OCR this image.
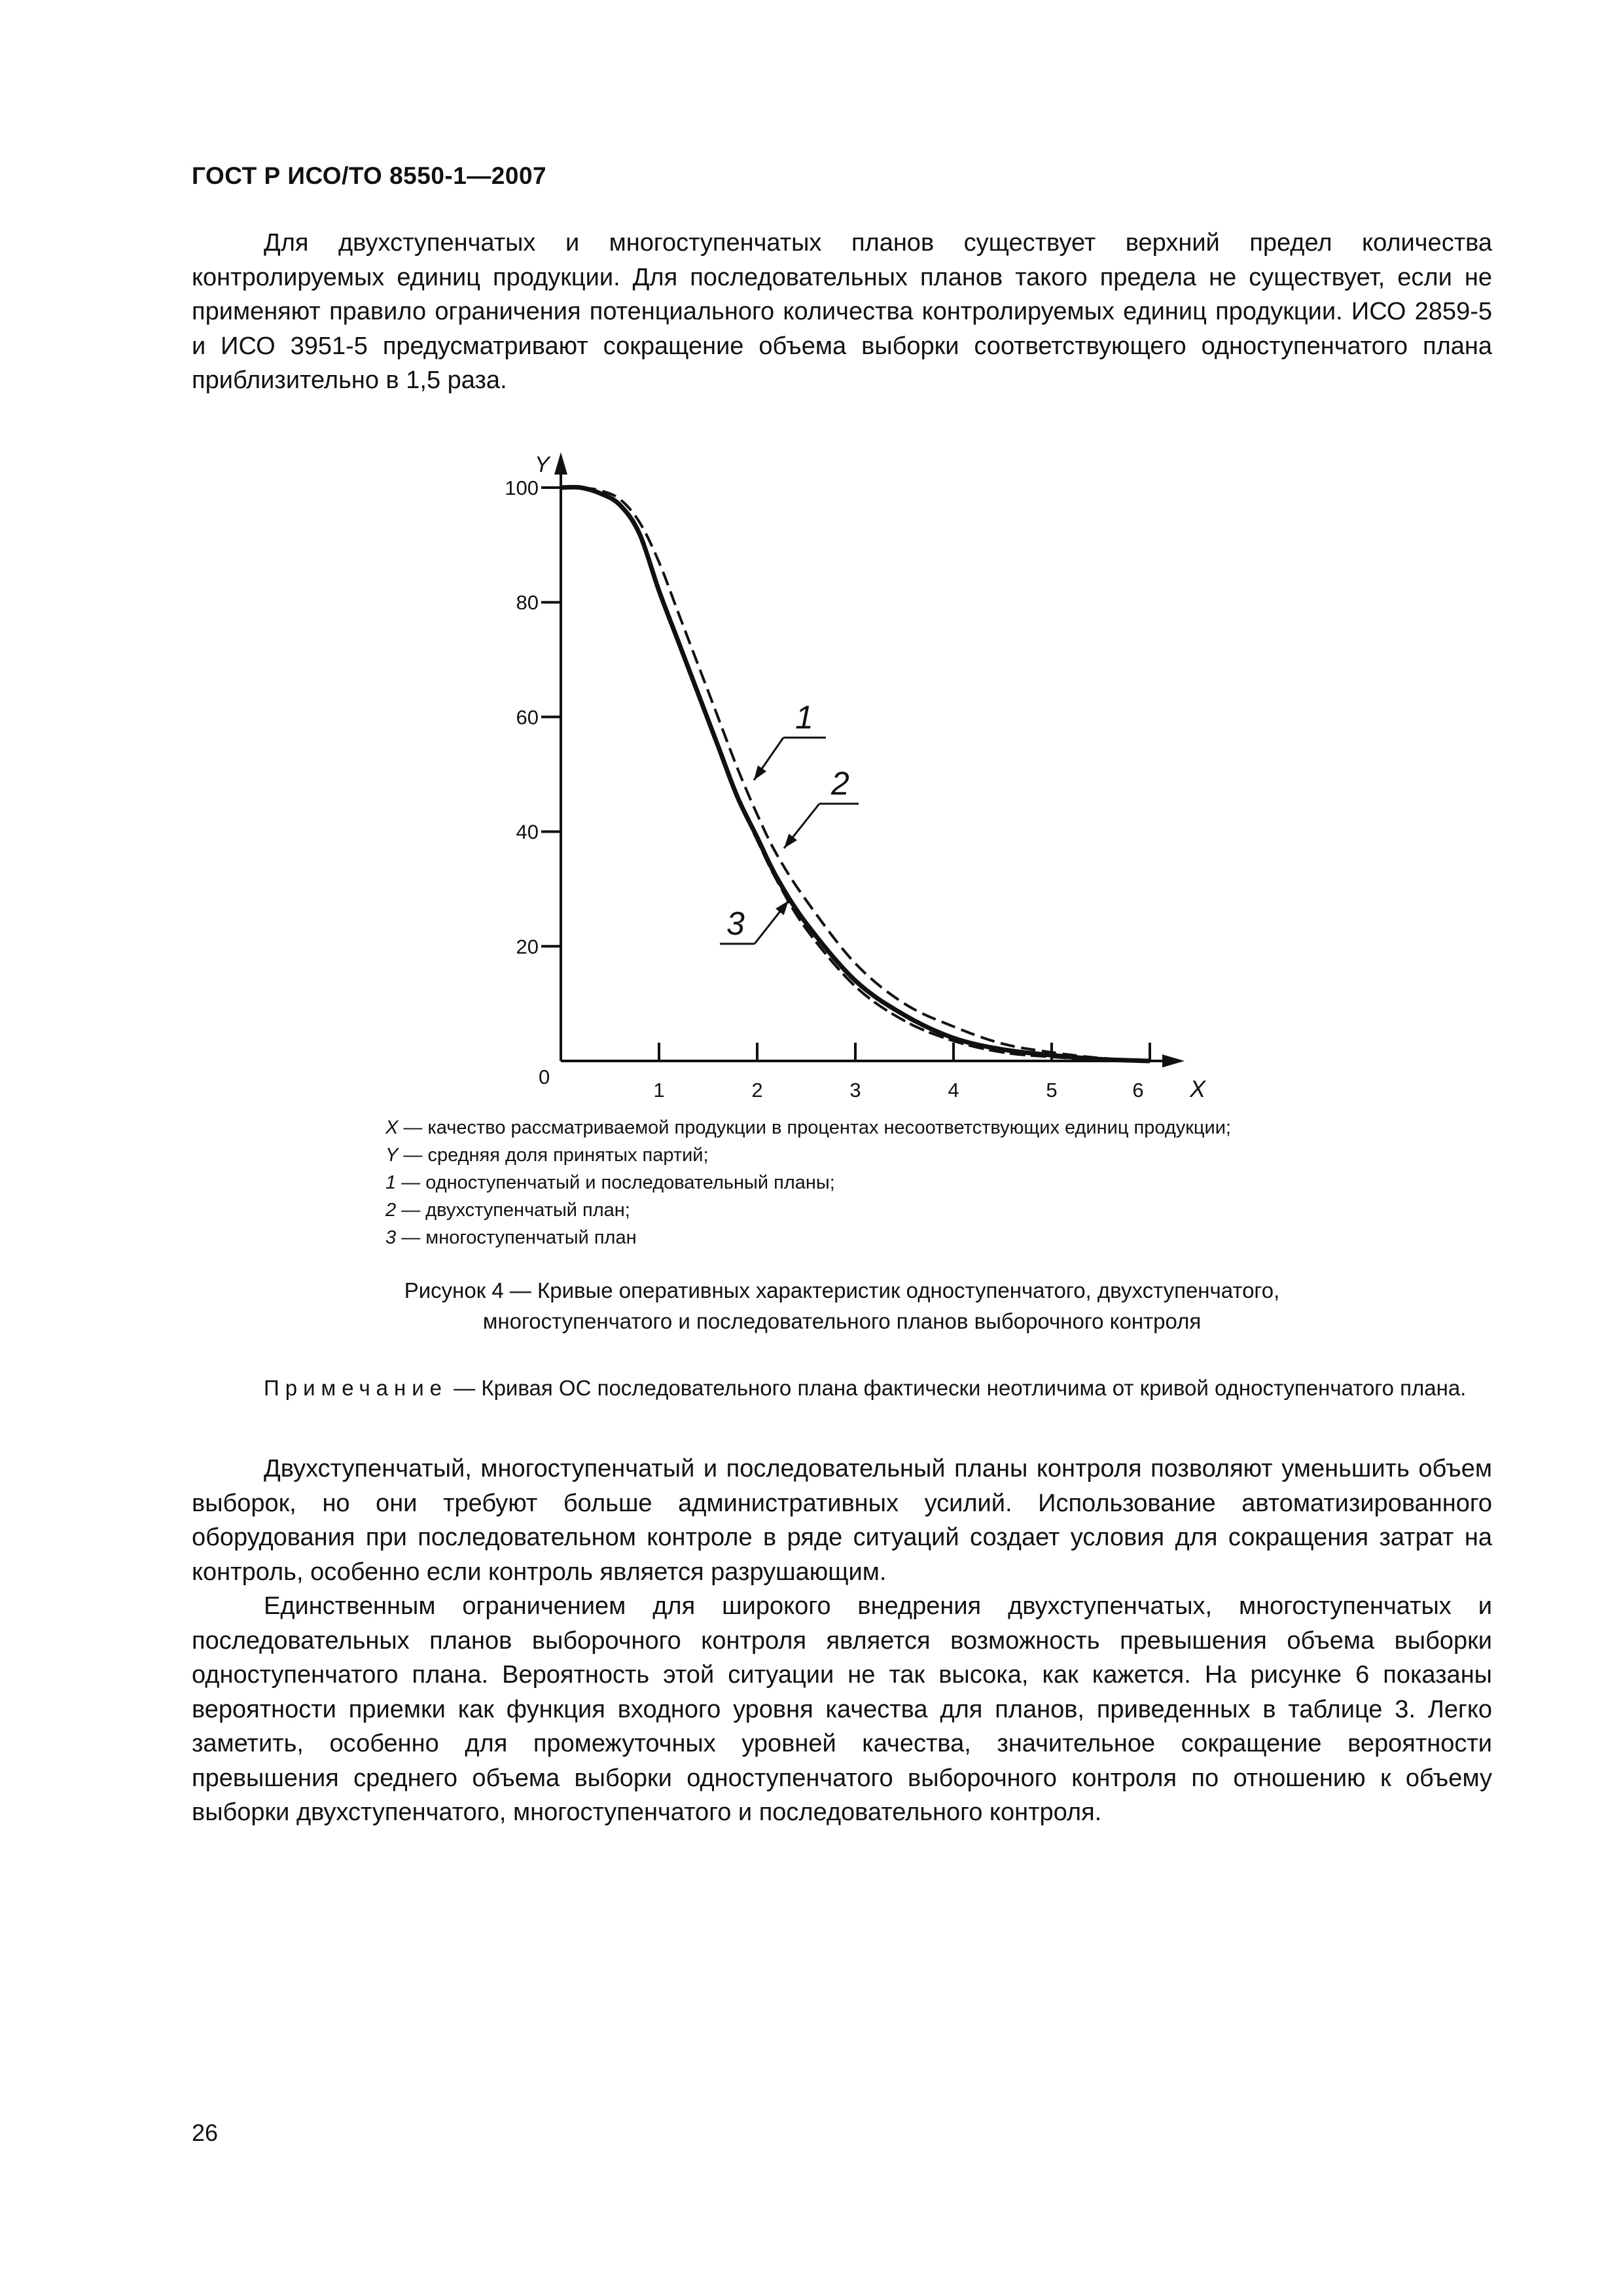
ГОСТ Р ИСО/ТО 8550-1—2007

Для двухступенчатых и многоступенчатых планов существует верхний предел количества контролируемых единиц продукции. Для последовательных планов такого предела не существует, если не применяют правило ограничения потенциального количества контролируемых единиц продукции. ИСО 2859-5 и ИСО 3951-5 предусматривают сокращение объема выборки соответствующего одноступенчатого плана приблизительно в 1,5 раза.

20
40
60
80
100
1	2	3	4	5	6
Y
X
0
1
2
3
X — качество рассматриваемой продукции в процентах несоответствующих единиц продукции;
Y — средняя доля принятых партий;
1 — одноступенчатый и последовательный планы;
2 — двухступенчатый план;
3 — многоступенчатый план
Рисунок 4 — Кривые оперативных характеристик одноступенчатого, двухступенчатого,
многоступенчатого и последовательного планов выборочного контроля

Примечание — Кривая ОС последовательного плана фактически неотличима от кривой одноступенчатого плана.

Двухступенчатый, многоступенчатый и последовательный планы контроля позволяют уменьшить объем выборок, но они требуют больше административных усилий. Использование автоматизированного оборудования при последовательном контроле в ряде ситуаций создает условия для сокращения затрат на контроль, особенно если контроль является разрушающим.

Единственным ограничением для широкого внедрения двухступенчатых, многоступенчатых и последовательных планов выборочного контроля является возможность превышения объема выборки одноступенчатого плана. Вероятность этой ситуации не так высока, как кажется. На рисунке 6 показаны вероятности приемки как функция входного уровня качества для планов, приведенных в таблице 3. Легко заметить, особенно для промежуточных уровней качества, значительное сокращение вероятности превышения среднего объема выборки одноступенчатого выборочного контроля по отношению к объему выборки двухступенчатого, многоступенчатого и последовательного контроля.

26
